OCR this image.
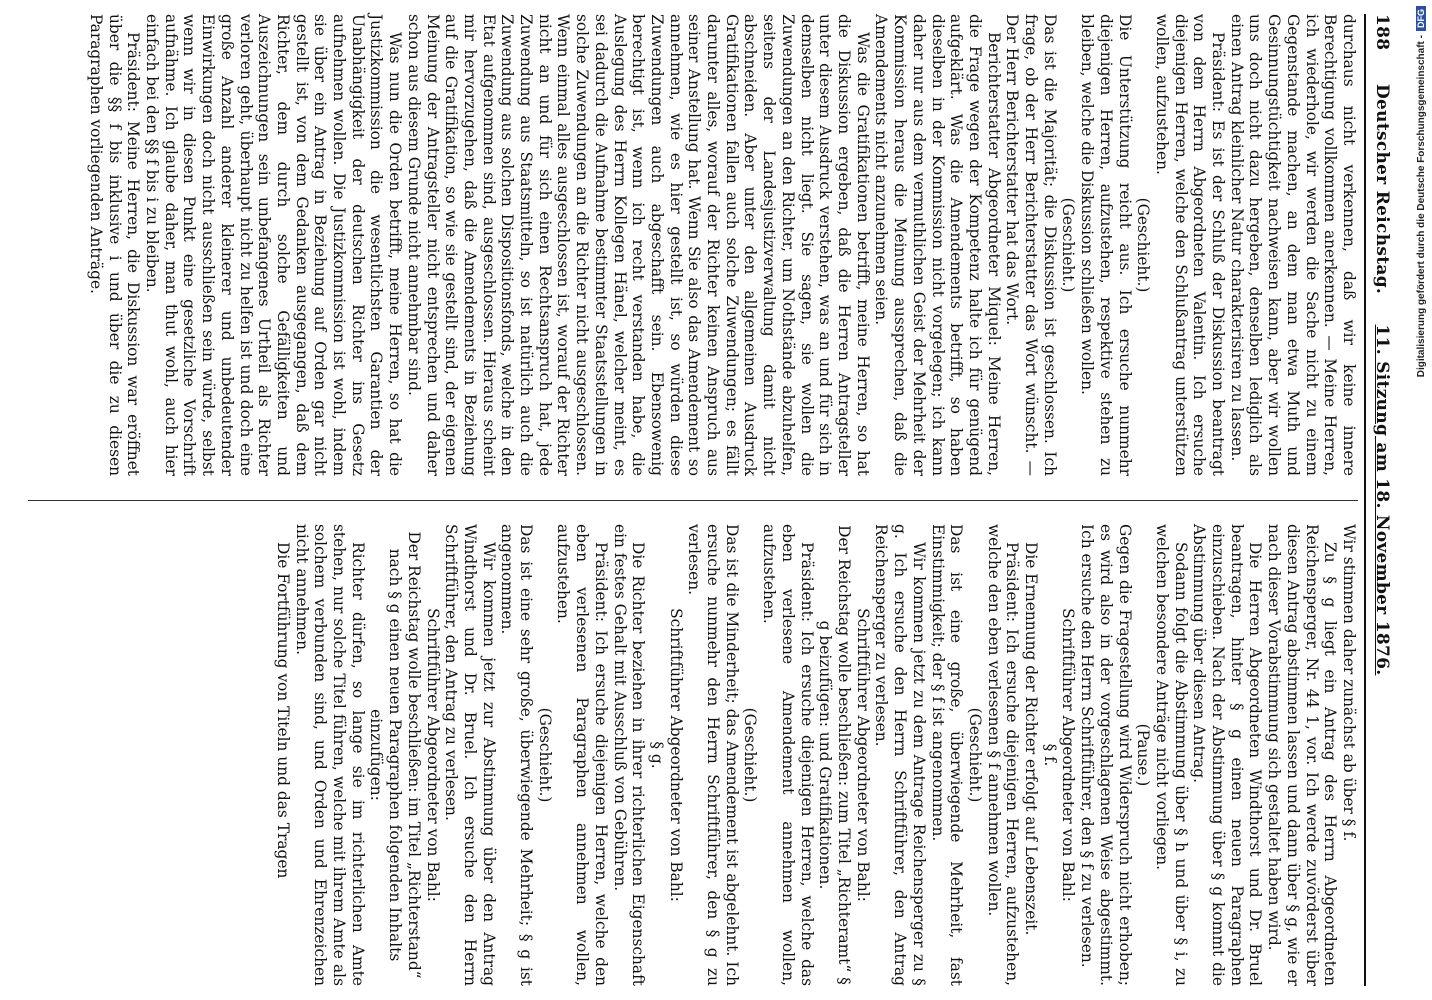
188
Deutscher Reichstag.
11. Sitzung am 18. November 1876.

durchaus nicht verkennen, daß wir keine innere Berechtigung vollkommen anerkennen. — Meine Herren, ich wiederhole, wir werden die Sache nicht zu einem Gegenstande machen, an dem man etwa Muth und Gesinnungstüchtigkeit nachweisen kann, aber wir wollen uns doch nicht dazu hergeben, denselben lediglich als einen Antrag kleinlicher Natur charakterisiren zu lassen.

Präsident: Es ist der Schluß der Diskussion beantragt von dem Herrn Abgeordneten Valentin. Ich ersuche diejenigen Herren, welche den Schlußantrag unterstützen wollen, aufzustehen.

(Geschieht.)

Die Unterstützung reicht aus. Ich ersuche nunmehr diejenigen Herren, aufzustehen, respektive stehen zu bleiben, welche die Diskussion schließen wollen.

(Geschieht.)

Das ist die Majorität; die Diskussion ist geschlossen. Ich frage, ob der Herr Berichterstatter das Wort wünscht. — Der Herr Berichterstatter hat das Wort.

Berichterstatter Abgeordneter Miquel: Meine Herren, die Frage wegen der Kompetenz halte ich für genügend aufgeklärt. Was die Amendements betrifft, so haben dieselben in der Kommission nicht vorgelegen; ich kann daher nur aus dem vermuthlichen Geist der Mehrheit der Kommission heraus die Meinung aussprechen, daß die Amendements nicht anzunehmen seien.

Was die Gratifikationen betrifft, meine Herren, so hat die Diskussion ergeben, daß die Herren Antragsteller unter diesem Ausdruck verstehen, was an und für sich in demselben nicht liegt. Sie sagen, sie wollen die Zuwendungen an den Richter, um Nothstände abzuhelfen, seitens der Landesjustizverwaltung damit nicht abschneiden. Aber unter den allgemeinen Ausdruck Gratifikationen fallen auch solche Zuwendungen; es fällt darunter alles, worauf der Richter keinen Anspruch aus seiner Anstellung hat. Wenn Sie also das Amendement so annehmen, wie es hier gestellt ist, so würden diese Zuwendungen auch abgeschafft sein. Ebensowenig berechtigt ist, wenn ich recht verstanden habe, die Auslegung des Herrn Kollegen Hänel, welcher meint, es sei dadurch die Aufnahme bestimmter Staatsstellungen in solche Zuwendungen an die Richter nicht ausgeschlossen. Wenn einmal alles ausgeschlossen ist, worauf der Richter nicht an und für sich einen Rechtsanspruch hat, jede Zuwendung aus Staatsmitteln, so ist natürlich auch die Zuwendung aus solchen Dispositionsfonds, welche in den Etat aufgenommen sind, ausgeschlossen. Hieraus scheint mir hervorzugehen, daß die Amendements in Beziehung auf die Gratifikation, so wie sie gestellt sind, der eigenen Meinung der Antragsteller nicht entsprechen und daher schon aus diesem Grunde nicht annehmbar sind.

Was nun die Orden betrifft, meine Herren, so hat die Justizkommission die wesentlichsten Garantien der Unabhängigkeit der deutschen Richter ins Gesetz aufnehmen wollen. Die Justizkommission ist wohl, indem sie über ein Antrag in Beziehung auf Orden gar nicht gestellt ist, von dem Gedanken ausgegangen, daß dem Richter, dem durch solche Gefälligkeiten und Auszeichnungen sein unbefangenes Urtheil als Richter verloren geht, überhaupt nicht zu helfen ist und doch eine große Anzahl anderer kleinerer und unbedeutender Einwirkungen doch nicht ausschließen sein würde, selbst wenn wir in diesen Punkt eine gesetzliche Vorschrift aufnähme. Ich glaube daher, man thut wohl, auch hier einfach bei den §§ f bis i zu bleiben.

Präsident: Meine Herren, die Diskussion war eröffnet über die §§ f bis inklusive i und über die zu diesen Paragraphen vorliegenden Anträge.

Wir stimmen daher zunächst ab über § f.

Zu § g liegt ein Antrag des Herrn Abgeordneten Reichensperger, Nr. 44 1, vor. Ich werde zuvörderst über diesen Antrag abstimmen lassen und dann über § g, wie er nach dieser Vorabstimmung sich gestaltet haben wird.

Die Herren Abgeordneten Windthorst und Dr. Bruel beantragen, hinter § g einen neuen Paragraphen einzuschieben. Nach der Abstimmung über § g kommt die Abstimmung über diesen Antrag.

Sodann folgt die Abstimmung über § h und über § i, zu welchen besondere Anträge nicht vorliegen.

(Pause.)

Gegen die Fragestellung wird Widerspruch nicht erhoben; es wird also in der vorgeschlagenen Weise abgestimmt. Ich ersuche den Herrn Schriftführer, den § f zu verlesen.

Schriftführer Abgeordneter von Bahl:

§ f.

Die Ernennung der Richter erfolgt auf Lebenszeit.

Präsident: Ich ersuche diejenigen Herren, aufzustehen, welche den eben verlesenen § f annehmen wollen.

(Geschieht.)

Das ist eine große, überwiegende Mehrheit, fast Einstimmigkeit; der § f ist angenommen.

Wir kommen jetzt zu dem Antrage Reichensperger zu § g. Ich ersuche den Herrn Schriftführer, den Antrag Reichensperger zu verlesen.

Schriftführer Abgeordneter von Bahl:

Der Reichstag wolle beschließen: zum Titel „Richteramt“ § g beizufügen: und Gratifikationen.

Präsident: Ich ersuche diejenigen Herren, welche das eben verlesene Amendement annehmen wollen, aufzustehen.

(Geschieht.)

Das ist die Minderheit; das Amendement ist abgelehnt. Ich ersuche nunmehr den Herrn Schriftführer, den § g zu verlesen.

Schriftführer Abgeordneter von Bahl:

§ g.

Die Richter beziehen in ihrer richterlichen Eigenschaft ein festes Gehalt mit Ausschluß von Gebühren.

Präsident: Ich ersuche diejenigen Herren, welche den eben verlesenen Paragraphen annehmen wollen, aufzustehen.

(Geschieht.)

Das ist eine sehr große, überwiegende Mehrheit; § g ist angenommen.

Wir kommen jetzt zur Abstimmung über den Antrag Windthorst und Dr. Bruel. Ich ersuche den Herrn Schriftführer, den Antrag zu verlesen.

Schriftführer Abgeordneter von Bahl:

Der Reichstag wolle beschließen: im Titel „Richterstand“ nach § g einen neuen Paragraphen folgenden Inhalts einzufügen:

Richter dürfen, so lange sie im richterlichen Amte stehen, nur solche Titel führen, welche mit ihrem Amte als solchem verbunden sind, und Orden und Ehrenzeichen nicht annehmen.

Die Fortführung von Titeln und das Tragen

Digitalisierung gefördert durch die Deutsche Forschungsgemeinschaft -DFG
